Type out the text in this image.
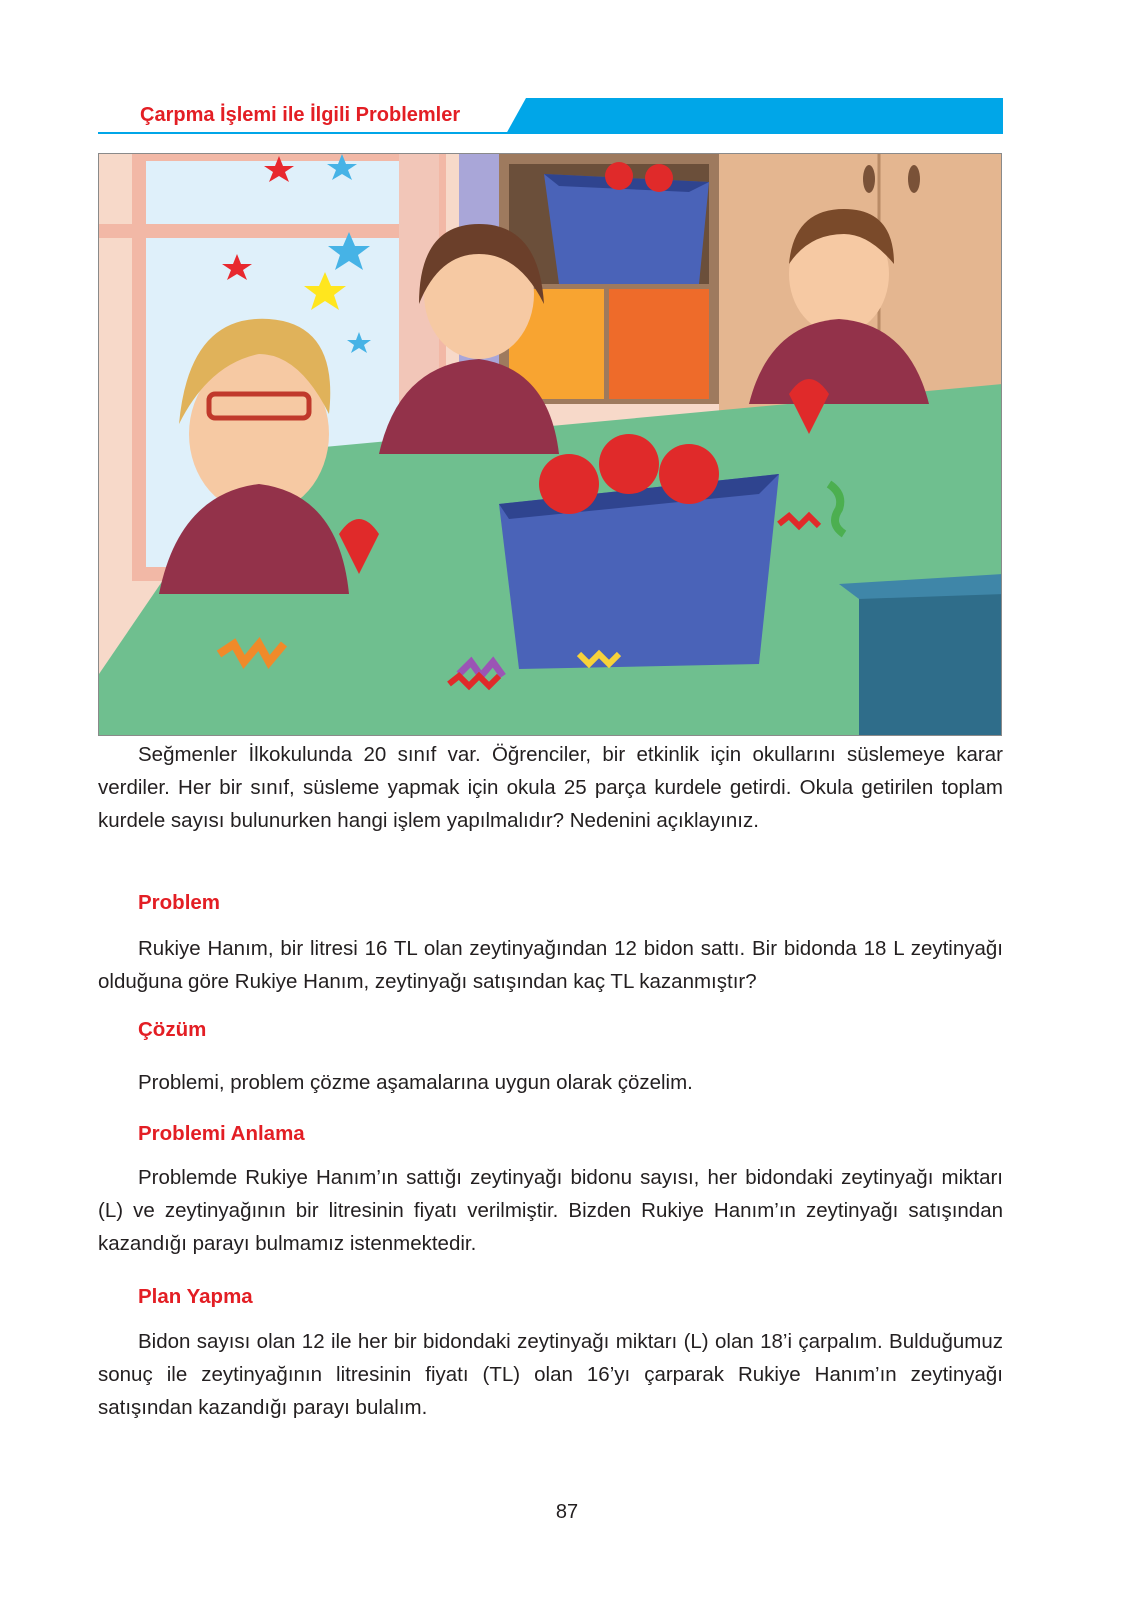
Çarpma İşlemi ile İlgili Problemler

Seğmenler İlkokulunda 20 sınıf var. Öğrenciler, bir etkinlik için okullarını süslemeye karar verdiler. Her bir sınıf, süsleme yapmak için okula 25 parça kurdele getirdi. Okula getirilen toplam kurdele sayısı bulunurken hangi işlem yapılmalıdır? Nedenini açıklayınız.

Problem

Rukiye Hanım, bir litresi 16 TL olan zeytinyağından 12 bidon sattı. Bir bidonda 18 L zeytinyağı olduğuna göre Rukiye Hanım, zeytinyağı satışından kaç TL kazanmıştır?

Çözüm

Problemi, problem çözme aşamalarına uygun olarak çözelim.

Problemi Anlama

Problemde Rukiye Hanım’ın sattığı zeytinyağı bidonu sayısı, her bidondaki zeytinyağı miktarı (L) ve zeytinyağının bir litresinin fiyatı verilmiştir. Bizden Rukiye Hanım’ın zeytinyağı satışından kazandığı parayı bulmamız istenmektedir.

Plan Yapma

Bidon sayısı olan 12 ile her bir bidondaki zeytinyağı miktarı (L) olan 18’i çarpalım. Bulduğumuz sonuç ile zeytinyağının litresinin fiyatı (TL) olan 16’yı çarparak Rukiye Hanım’ın zeytinyağı satışından kazandığı parayı bulalım.

87
